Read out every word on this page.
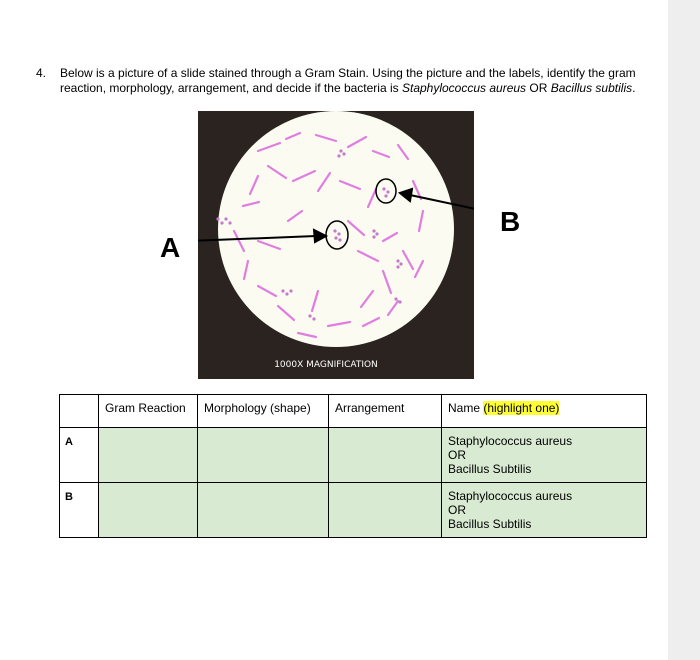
4. Below is a picture of a slide stained through a Gram Stain. Using the picture and the labels, identify the gram reaction, morphology, arrangement, and decide if the bacteria is Staphylococcus aureus OR Bacillus subtilis.
1000X MAGNIFICATION
A
B
	Gram Reaction	Morphology (shape)	Arrangement	Name (highlight one)
A				Staphylococcus aureus
OR
Bacillus Subtilis

B				Staphylococcus aureus
OR
Bacillus Subtilis
